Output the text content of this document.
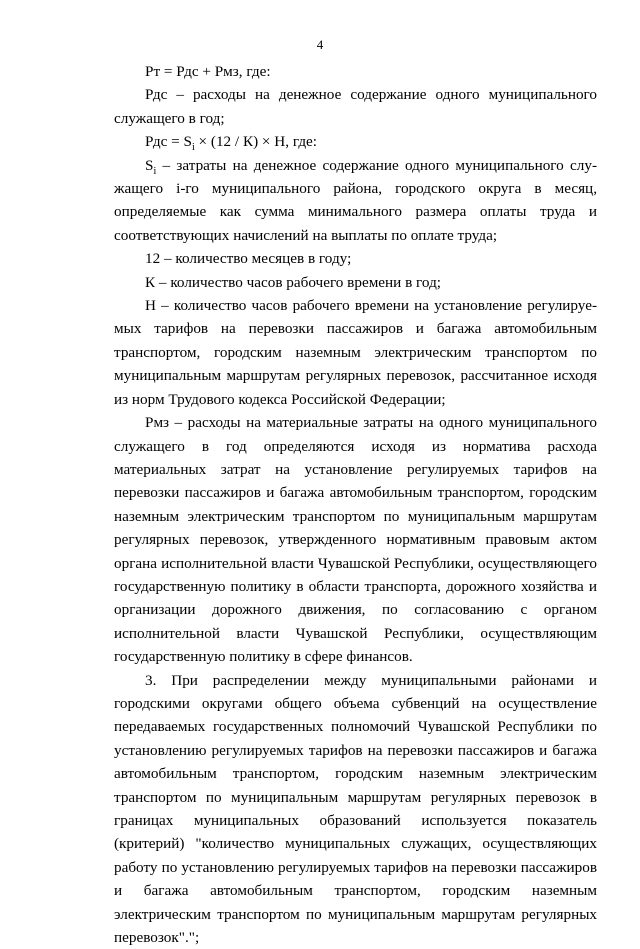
4

Рт = Рдс + Рмз, где:

Рдс – расходы на денежное содержание одного муниципального служащего в год;

Рдс = $S_i \times (12 / К) \times Н$, где:

$S_i$ – затраты на денежное содержание одного муниципального служащего i-го муниципального района, городского округа в месяц, определяемые как сумма минимального размера оплаты труда и соответствующих начислений на выплаты по оплате труда;

12 – количество месяцев в году;

К – количество часов рабочего времени в год;

Н – количество часов рабочего времени на установление регулируемых тарифов на перевозки пассажиров и багажа автомобильным транспортом, городским наземным электрическим транспортом по муниципальным маршрутам регулярных перевозок, рассчитанное исходя из норм Трудового кодекса Российской Федерации;

Рмз – расходы на материальные затраты на одного муниципального служащего в год определяются исходя из норматива расхода материальных затрат на установление регулируемых тарифов на перевозки пассажиров и багажа автомобильным транспортом, городским наземным электрическим транспортом по муниципальным маршрутам регулярных перевозок, утвержденного нормативным правовым актом органа исполнительной власти Чувашской Республики, осуществляющего государственную политику в области транспорта, дорожного хозяйства и организации дорожного движения, по согласованию с органом исполнительной власти Чувашской Республики, осуществляющим государственную политику в сфере финансов.

3. При распределении между муниципальными районами и городскими округами общего объема субвенций на осуществление передаваемых государственных полномочий Чувашской Республики по установлению регулируемых тарифов на перевозки пассажиров и багажа автомобильным транспортом, городским наземным электрическим транспортом по муниципальным маршрутам регулярных перевозок в границах муниципальных образований используется показатель (критерий) "количество муниципальных служащих, осуществляющих работу по установлению регулируемых тарифов на перевозки пассажиров и багажа автомобильным транспортом, городским наземным электрическим транспортом по муниципальным маршрутам регулярных перевозок".";
